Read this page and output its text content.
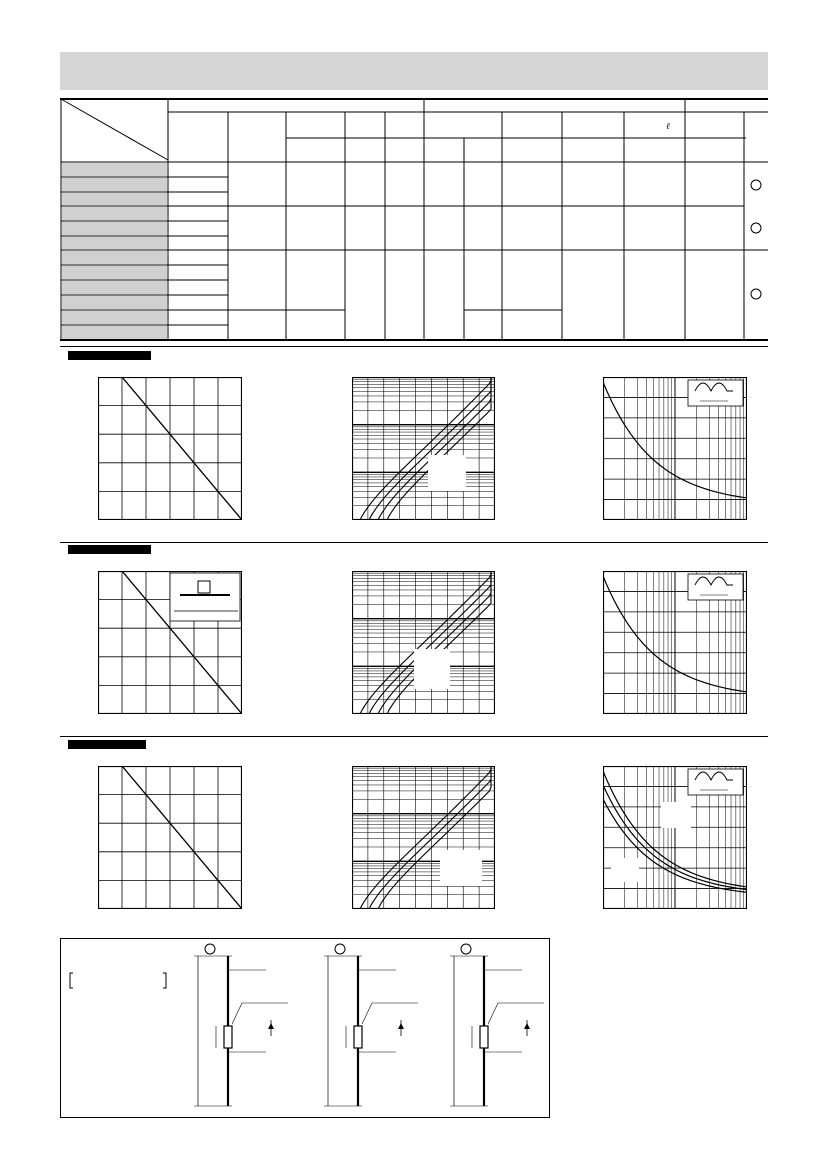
ℓ
